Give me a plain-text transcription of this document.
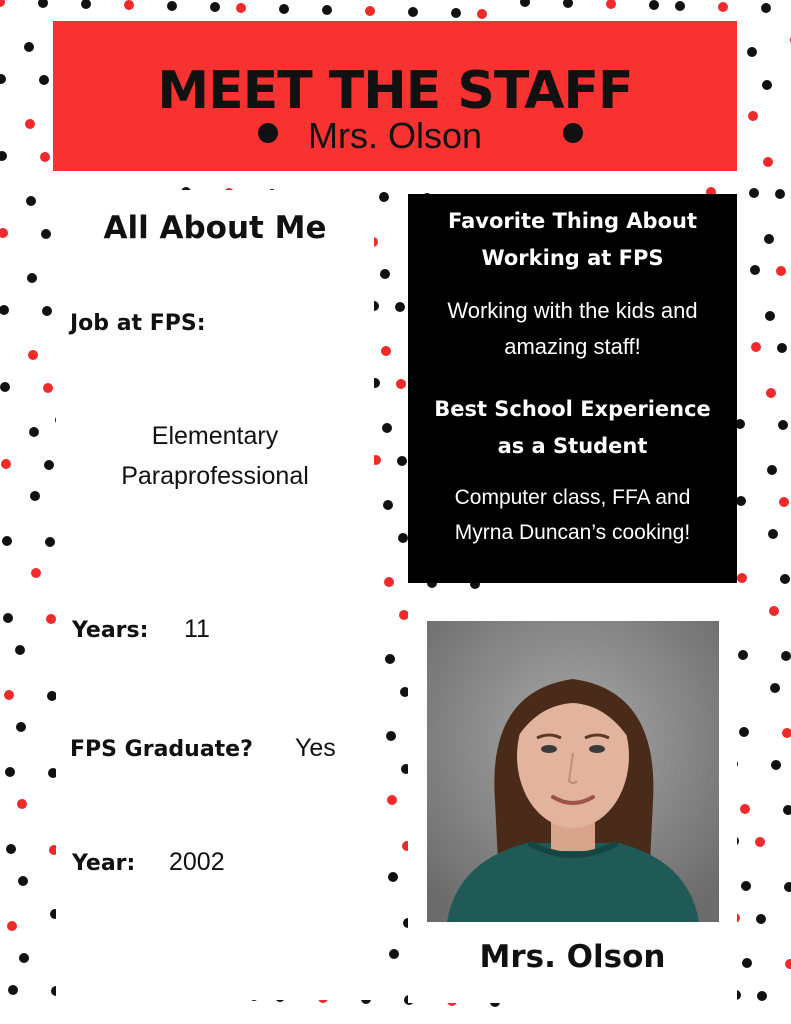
MEET THE STAFF
Mrs. Olson
All About Me
Job at FPS:
Elementary
Paraprofessional
Years: 11
FPS Graduate? Yes
Year: 2002
Favorite Thing About
Working at FPS
Working with the kids and
amazing staff!
Best School Experience
as a Student
Computer class, FFA and
Myrna Duncan’s cooking!
Mrs. Olson
